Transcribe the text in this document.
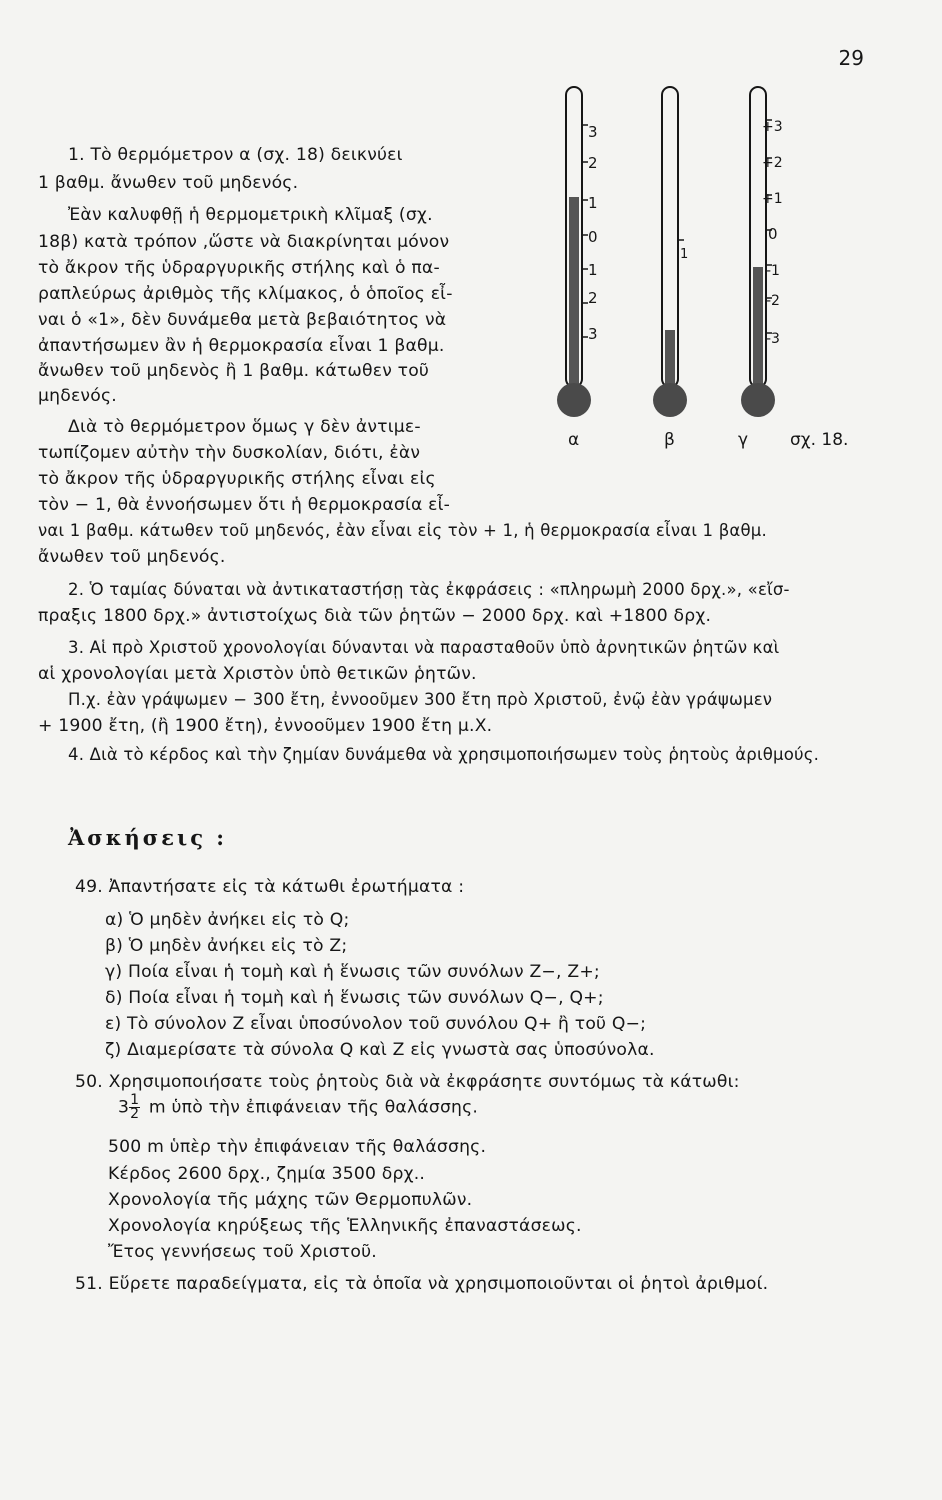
29
3
2
1
0
1
2
3
α
1
β
+3
+2
+1
0
-1
-2
-3
γ σχ. 18.
1. Τὸ θερμόμετρον α (σχ. 18) δεικνύει
1 βαθμ. ἄνωθεν τοῦ μηδενός.
Ἐὰν καλυφθῇ ἡ θερμομετρικὴ κλῖμαξ (σχ.
18β) κατὰ τρόπον ,ὥστε νὰ διακρίνηται μόνον
τὸ ἄκρον τῆς ὑδραργυρικῆς στήλης καὶ ὁ πα-
ραπλεύρως ἀριθμὸς τῆς κλίμακος, ὁ ὁποῖος εἶ-
ναι ὁ «1», δὲν δυνάμεθα μετὰ βεβαιότητος νὰ
ἀπαντήσωμεν ἂν ἡ θερμοκρασία εἶναι 1 βαθμ.
ἄνωθεν τοῦ μηδενὸς ἢ 1 βαθμ. κάτωθεν τοῦ
μηδενός.
Διὰ τὸ θερμόμετρον ὅμως γ δὲν ἀντιμε-
τωπίζομεν αὐτὴν τὴν δυσκολίαν, διότι, ἐὰν
τὸ ἄκρον τῆς ὑδραργυρικῆς στήλης εἶναι εἰς
τὸν − 1, θὰ ἐννοήσωμεν ὅτι ἡ θερμοκρασία εἶ-
ναι 1 βαθμ. κάτωθεν τοῦ μηδενός, ἐὰν εἶναι εἰς τὸν + 1, ἡ θερμοκρασία εἶναι 1 βαθμ.
ἄνωθεν τοῦ μηδενός.
2. Ὁ ταμίας δύναται νὰ ἀντικαταστήσῃ τὰς ἐκφράσεις : «πληρωμὴ 2000 δρχ.», «εἴσ-
πραξις 1800 δρχ.» ἀντιστοίχως διὰ τῶν ῥητῶν − 2000 δρχ. καὶ +1800 δρχ.
3. Αἱ πρὸ Χριστοῦ χρονολογίαι δύνανται νὰ παρασταθοῦν ὑπὸ ἀρνητικῶν ῥητῶν καὶ
αἱ χρονολογίαι μετὰ Χριστὸν ὑπὸ θετικῶν ῥητῶν.
Π.χ. ἐὰν γράψωμεν − 300 ἔτη, ἐννοοῦμεν 300 ἔτη πρὸ Χριστοῦ, ἐνῷ ἐὰν γράψωμεν
+ 1900 ἔτη, (ἢ 1900 ἔτη), ἐννοοῦμεν 1900 ἔτη μ.Χ.
4. Διὰ τὸ κέρδος καὶ τὴν ζημίαν δυνάμεθα νὰ χρησιμοποιήσωμεν τοὺς ῥητοὺς ἀριθμούς.
Ἀσκήσεις :
49. Ἀπαντήσατε εἰς τὰ κάτωθι ἐρωτήματα :
α) Ὁ μηδὲν ἀνήκει εἰς τὸ Q;
β) Ὁ μηδὲν ἀνήκει εἰς τὸ Ζ;
γ) Ποία εἶναι ἡ τομὴ καὶ ἡ ἕνωσις τῶν συνόλων Ζ−, Ζ+;
δ) Ποία εἶναι ἡ τομὴ καὶ ἡ ἕνωσις τῶν συνόλων Q−, Q+;
ε) Τὸ σύνολον Ζ εἶναι ὑποσύνολον τοῦ συνόλου Q+ ἢ τοῦ Q−;
ζ) Διαμερίσατε τὰ σύνολα Q καὶ Ζ εἰς γνωστὰ σας ὑποσύνολα.
50. Χρησιμοποιήσατε τοὺς ῥητοὺς διὰ νὰ ἐκφράσητε συντόμως τὰ κάτωθι:
$3 \frac{1}{2}$ m ὑπὸ τὴν ἐπιφάνειαν τῆς θαλάσσης.
500 m ὑπὲρ τὴν ἐπιφάνειαν τῆς θαλάσσης.
Κέρδος 2600 δρχ., ζημία 3500 δρχ..
Χρονολογία τῆς μάχης τῶν Θερμοπυλῶν.
Χρονολογία κηρύξεως τῆς Ἑλληνικῆς ἐπαναστάσεως.
Ἔτος γεννήσεως τοῦ Χριστοῦ.
51. Εὕρετε παραδείγματα, εἰς τὰ ὁποῖα νὰ χρησιμοποιοῦνται οἱ ῥητοὶ ἀριθμοί.
